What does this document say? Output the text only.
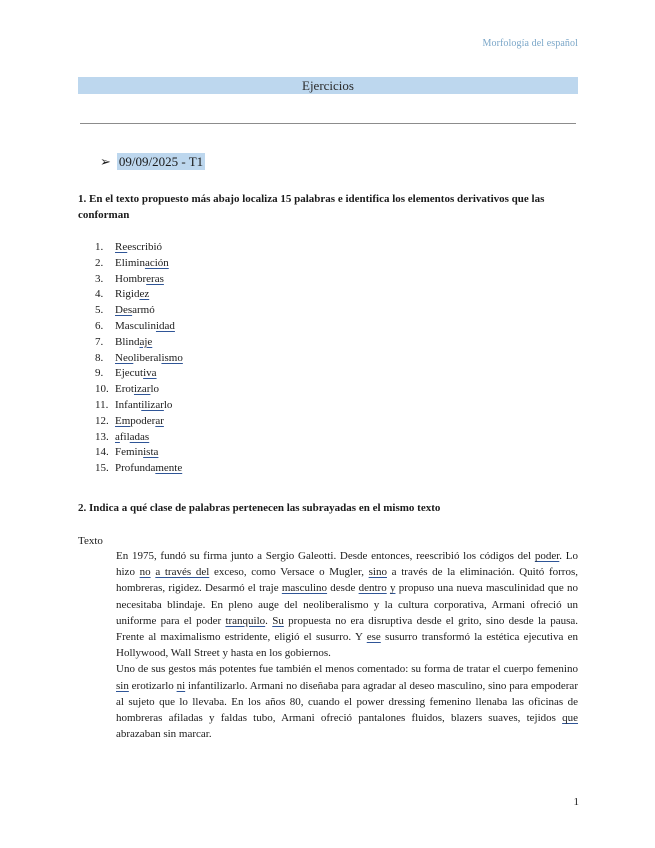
Morfología del español
Ejercicios
➢ 09/09/2025 - T1
1. En el texto propuesto más abajo localiza 15 palabras e identifica los elementos derivativos que las conforman
1.	Reescribió
2.	Eliminación
3.	Hombreras
4.	Rigidez
5.	Desarmó
6.	Masculinidad
7.	Blindaje
8.	Neoliberalismo
9.	Ejecutiva
10. Erotizarlo
11. Infantilizarlo
12. Empoderar
13. afiladas
14. Feminista
15. Profundamente
2. Indica a qué clase de palabras pertenecen las subrayadas en el mismo texto
Texto

En 1975, fundó su firma junto a Sergio Galeotti. Desde entonces, reescribió los códigos del poder. Lo hizo no a través del exceso, como Versace o Mugler, sino a través de la eliminación. Quitó forros, hombreras, rigidez. Desarmó el traje masculino desde dentro y propuso una nueva masculinidad que no necesitaba blindaje. En pleno auge del neoliberalismo y la cultura corporativa, Armani ofreció un uniforme para el poder tranquilo. Su propuesta no era disruptiva desde el grito, sino desde la pausa. Frente al maximalismo estridente, eligió el susurro. Y ese susurro transformó la estética ejecutiva en Hollywood, Wall Street y hasta en los gobiernos.

Uno de sus gestos más potentes fue también el menos comentado: su forma de tratar el cuerpo femenino sin erotizarlo ni infantilizarlo. Armani no diseñaba para agradar al deseo masculino, sino para empoderar al sujeto que lo llevaba. En los años 80, cuando el power dressing femenino llenaba las oficinas de hombreras afiladas y faldas tubo, Armani ofreció pantalones fluidos, blazers suaves, tejidos que abrazaban sin marcar.

1
